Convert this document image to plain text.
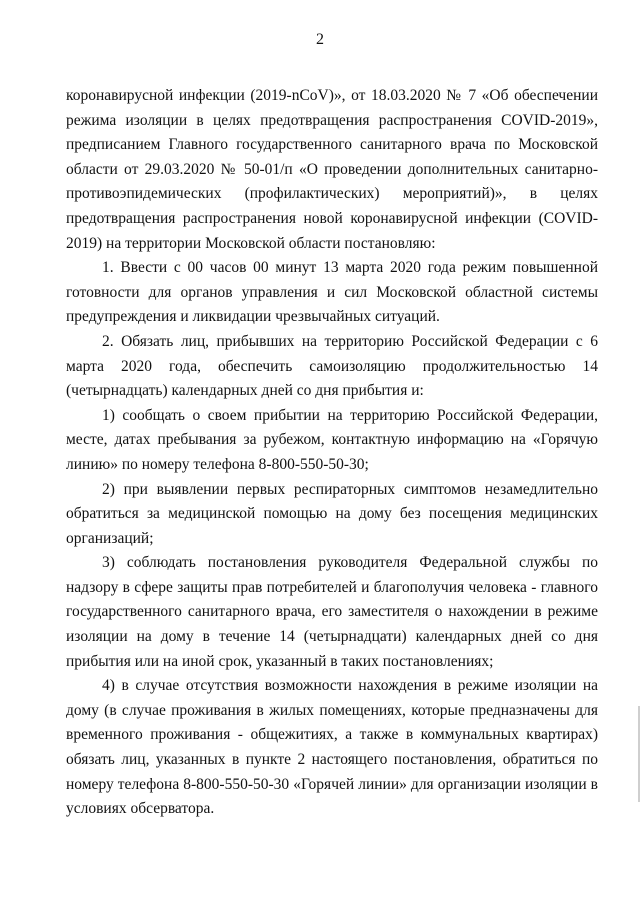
2

коронавирусной инфекции (2019-nCoV)», от 18.03.2020 № 7 «Об обеспечении режима изоляции в целях предотвращения распространения COVID-2019», предписанием Главного государственного санитарного врача по Московской области от 29.03.2020 № 50-01/п «О проведении дополнительных санитарно-противоэпидемических (профилактических) мероприятий)», в целях предотвращения распространения новой коронавирусной инфекции (COVID-2019) на территории Московской области постановляю:

1. Ввести с 00 часов 00 минут 13 марта 2020 года режим повышенной готовности для органов управления и сил Московской областной системы предупреждения и ликвидации чрезвычайных ситуаций.

2. Обязать лиц, прибывших на территорию Российской Федерации с 6 марта 2020 года, обеспечить самоизоляцию продолжительностью 14 (четырнадцать) календарных дней со дня прибытия и:

1) сообщать о своем прибытии на территорию Российской Федерации, месте, датах пребывания за рубежом, контактную информацию на «Горячую линию» по номеру телефона 8-800-550-50-30;

2) при выявлении первых респираторных симптомов незамедлительно обратиться за медицинской помощью на дому без посещения медицинских организаций;

3) соблюдать постановления руководителя Федеральной службы по надзору в сфере защиты прав потребителей и благополучия человека - главного государственного санитарного врача, его заместителя о нахождении в режиме изоляции на дому в течение 14 (четырнадцати) календарных дней со дня прибытия или на иной срок, указанный в таких постановлениях;

4) в случае отсутствия возможности нахождения в режиме изоляции на дому (в случае проживания в жилых помещениях, которые предназначены для временного проживания - общежитиях, а также в коммунальных квартирах) обязать лиц, указанных в пункте 2 настоящего постановления, обратиться по номеру телефона 8-800-550-50-30 «Горячей линии» для организации изоляции в условиях обсерватора.
